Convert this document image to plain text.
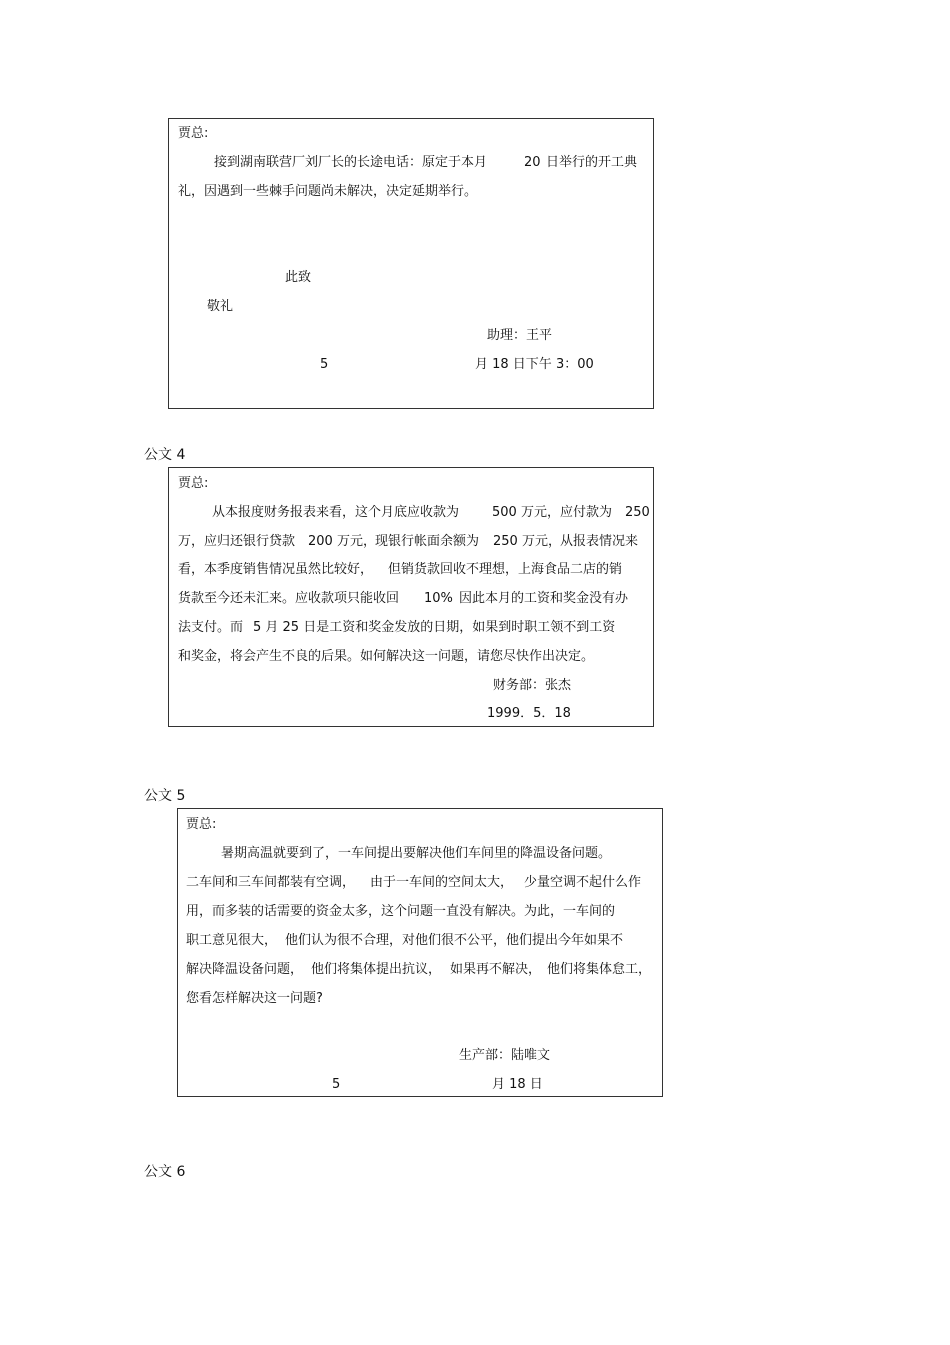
贾总:
接到湖南联营厂刘厂长的长途电话：原定于本月	20 日举行的开工典
礼，因遇到一些棘手问题尚未解决，决定延期举行。
此致
敬礼
助理：王平
5	月 18 日下午 3：00
公文 4
贾总:
从本报度财务报表来看，这个月底应收款为	500 万元，应付款为 250
万，应归还银行贷款 200 万元， 现银行帐面余额为 250 万元， 从报表情况来
看，本季度销售情况虽然比较好， 但销货款回收不理想，上海食品二店的销
货款至今还未汇来。应收款项只能收回 10% 因此本月的工资和奖金没有办
法支付。而 5 月 25 日是工资和奖金发放的日期，如果到时职工领不到工资
和奖金，将会产生不良的后果。如何解决这一问题，请您尽快作出决定。
财务部：张杰
1999．5．18
公文 5
贾总:
暑期高温就要到了，一车间提出要解决他们车间里的降温设备问题。
二车间和三车间都装有空调， 由于一车间的空间太大， 少量空调不起什么作
用，而多装的话需要的资金太多，这个问题一直没有解决。为此，一车间的
职工意见很大， 他们认为很不合理，对他们很不公平，他们提出今年如果不
解决降温设备问题， 他们将集体提出抗议， 如果再不解决， 他们将集体怠工，
您看怎样解决这一问题?
生产部：陆唯文
5	月 18 日
公文 6
